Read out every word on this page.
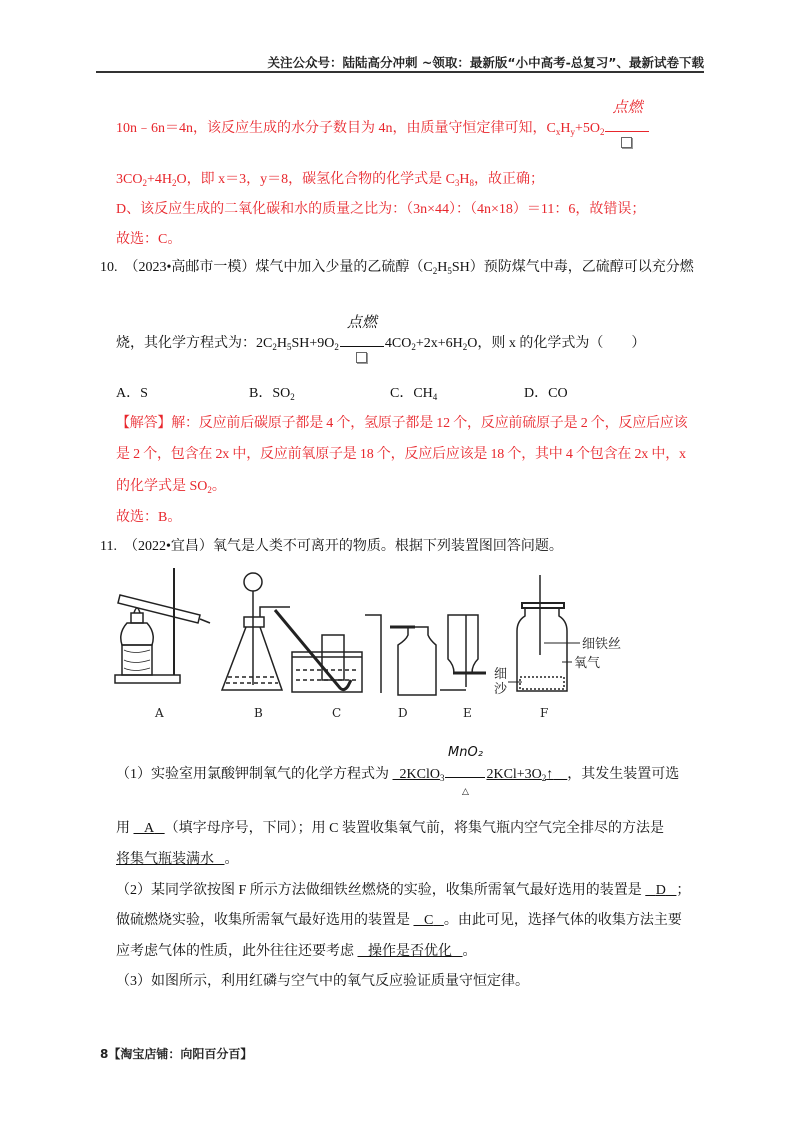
关注公众号：陆陆高分冲刺 ~领取：最新版“小中高考-总复习”、最新试卷下载
10n﹣6n＝4n，该反应生成的水分子数目为 4n，由质量守恒定律可知，$C_xH_y+5O_2$
点燃
$3CO_2+4H_2O$，即 x＝3，y＝8，碳氢化合物的化学式是 $C_3H_8$，故正确；
D、该反应生成的二氧化碳和水的质量之比为：（3n×44）：（4n×18）＝11：6，故错误；
故选：C。
10.　（2023•高邮市一模）煤气中加入少量的乙硫醇$(C_2H_5SH)$预防煤气中毒，乙硫醇可以充分燃
烧，其化学方程式为：$2C_2H_5SH+9O_2$
点燃
$4CO_2+2x+6H_2O$，则 x 的化学式为（　　）
A．S	B．$SO_2$	C．$CH_4$	D．CO
【解答】解：反应前后碳原子都是 4 个，氢原子都是 12 个，反应前硫原子是 2 个，反应后应该
是 2 个，包含在 2x 中，反应前氧原子是 18 个，反应后应该是 18 个，其中 4 个包含在 2x 中，x
的化学式是 $SO_2$。
故选：B。
11.　（2022•宜昌）氧气是人类不可离开的物质。根据下列装置图回答问题。
A	B	C	D	E	F
细铁丝
氧气
细沙
（1）实验室用氯酸钾制氧气的化学方程式为 2KClO$_3$
MnO₂
△
$2KCl+3O_2↑$ ，其发生装置可选
用 A （填字母序号，下同）；用 C 装置收集氧气前，将集气瓶内空气完全排尽的方法是
将集气瓶装满水 。
（2）某同学欲按图 F 所示方法做细铁丝燃烧的实验，收集所需氧气最好选用的装置是 D ；
做硫燃烧实验，收集所需氧气最好选用的装置是 C 。由此可见，选择气体的收集方法主要
应考虑气体的性质，此外往往还要考虑 操作是否优化 。
（3）如图所示，利用红磷与空气中的氧气反应验证质量守恒定律。
8【淘宝店铺：向阳百分百】
